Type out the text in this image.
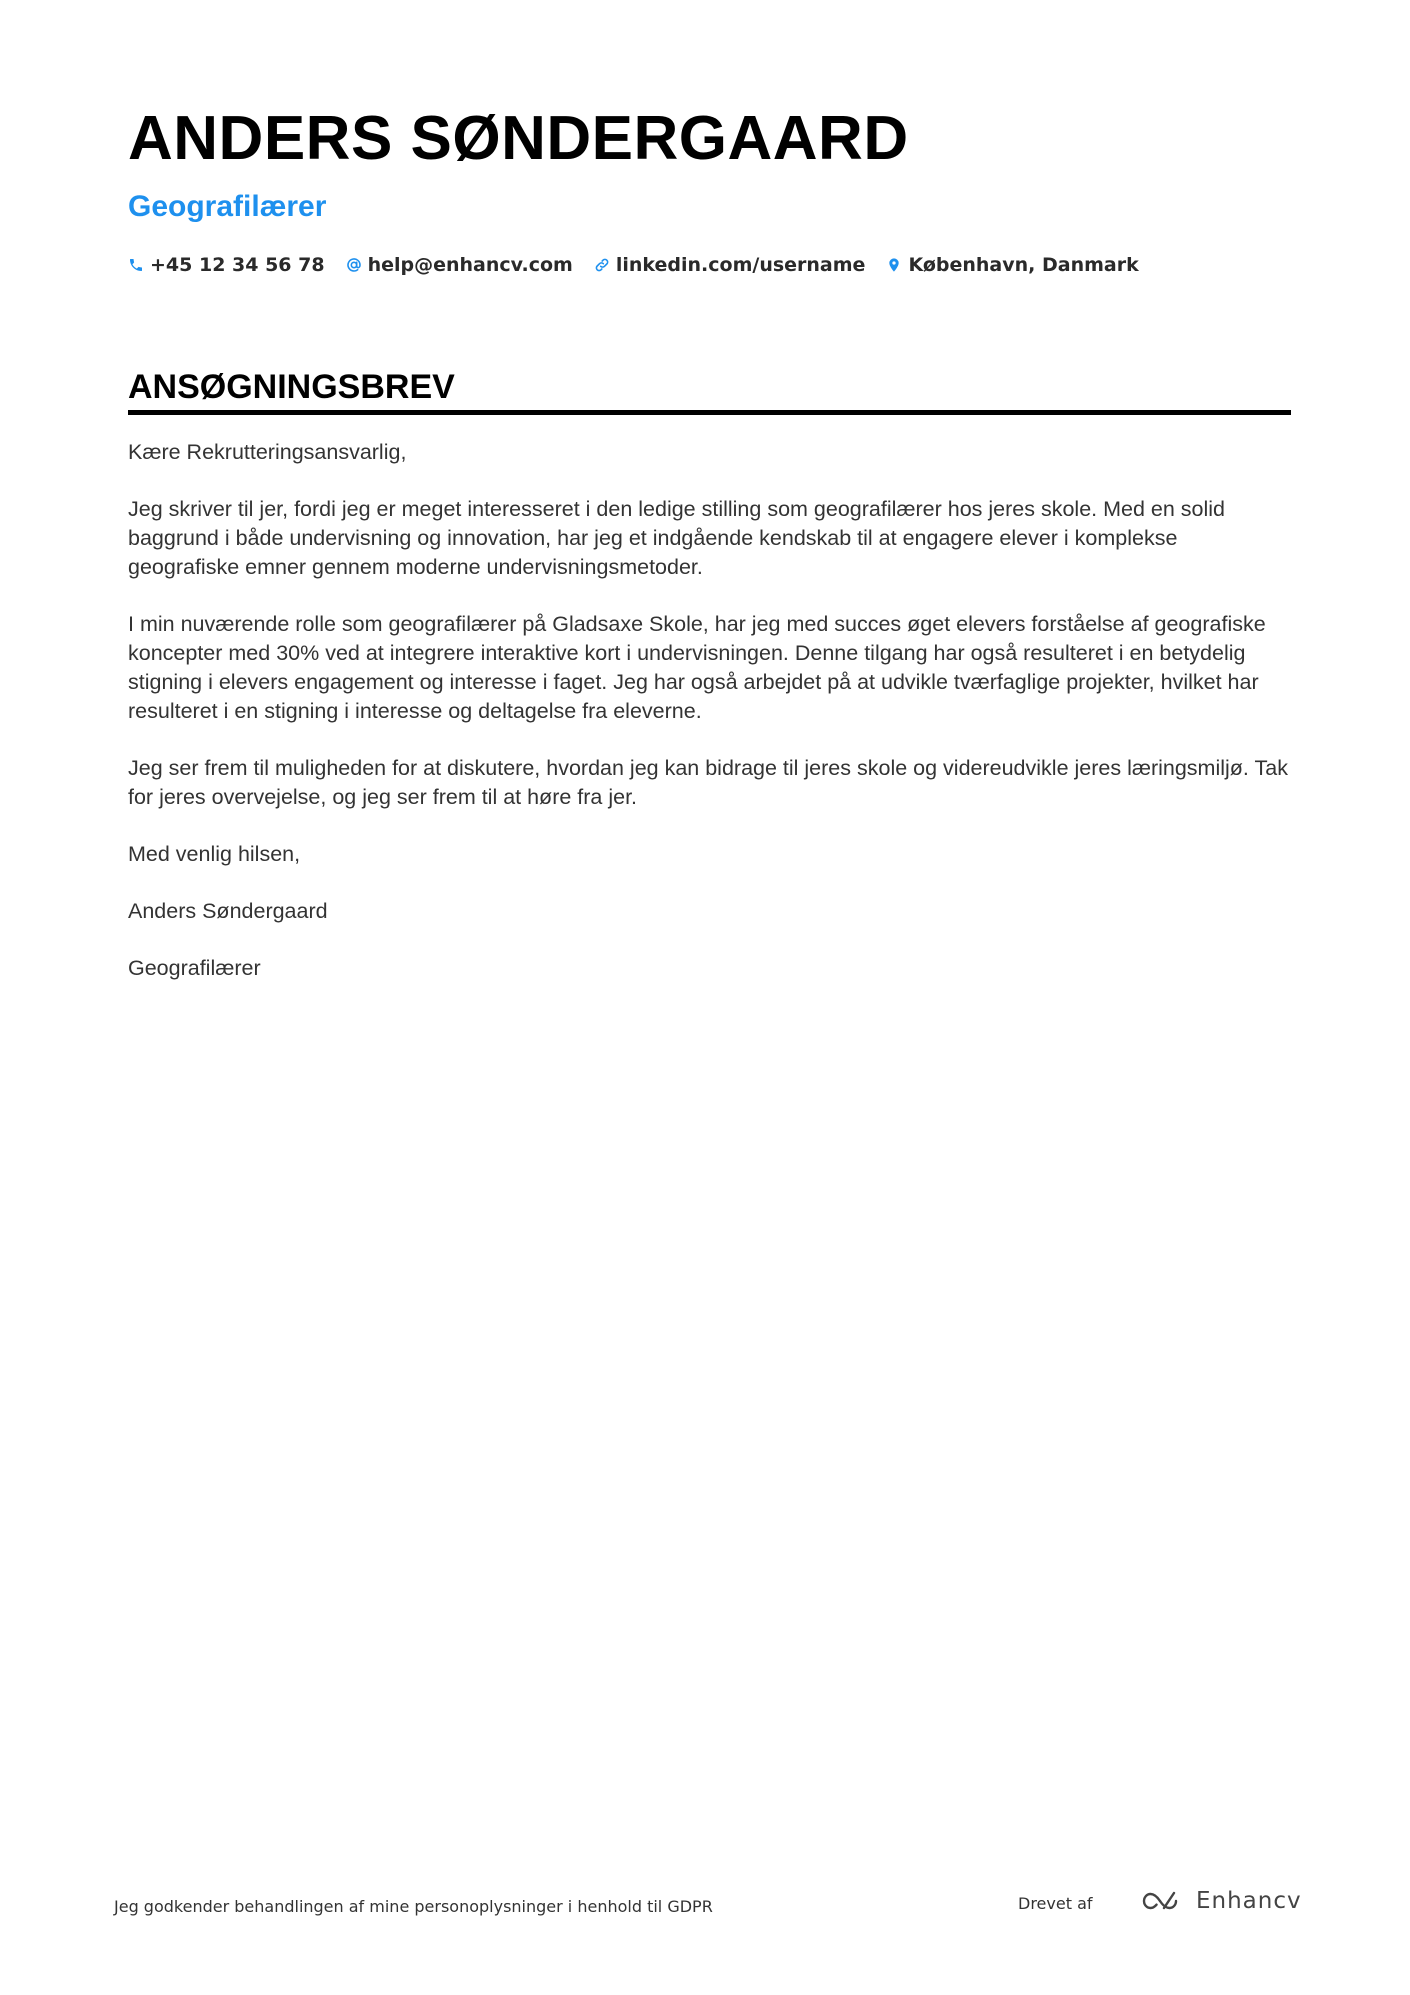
ANDERS SØNDERGAARD
Geografilærer
+45 12 34 56 78 help@enhancv.com linkedin.com/username København, Danmark
ANSØGNINGSBREV

Kære Rekrutteringsansvarlig,

Jeg skriver til jer, fordi jeg er meget interesseret i den ledige stilling som geografilærer hos jeres skole. Med en solid baggrund i både undervisning og innovation, har jeg et indgående kendskab til at engagere elever i komplekse geografiske emner gennem moderne undervisningsmetoder.

I min nuværende rolle som geografilærer på Gladsaxe Skole, har jeg med succes øget elevers forståelse af geografiske koncepter med 30% ved at integrere interaktive kort i undervisningen. Denne tilgang har også resulteret i en betydelig stigning i elevers engagement og interesse i faget. Jeg har også arbejdet på at udvikle tværfaglige projekter, hvilket har resulteret i en stigning i interesse og deltagelse fra eleverne.

Jeg ser frem til muligheden for at diskutere, hvordan jeg kan bidrage til jeres skole og videreudvikle jeres læringsmiljø. Tak for jeres overvejelse, og jeg ser frem til at høre fra jer.

Med venlig hilsen,

Anders Søndergaard

Geografilærer

Jeg godkender behandlingen af mine personoplysninger i henhold til GDPR	Drevet af	Enhancv
